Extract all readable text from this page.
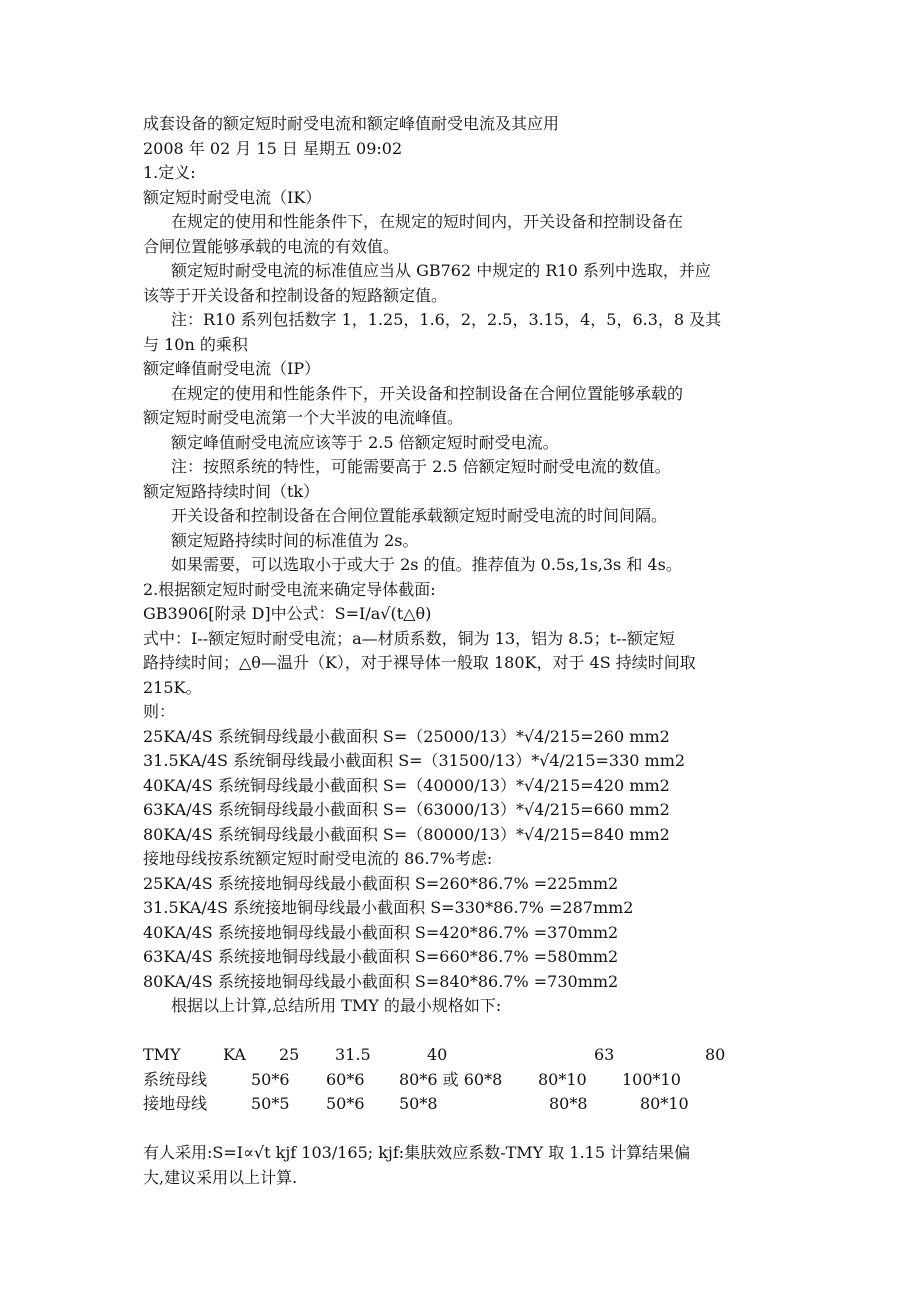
成套设备的额定短时耐受电流和额定峰值耐受电流及其应用
2008 年 02 月 15 日 星期五 09:02
1.定义:
额定短时耐受电流（IK）
在规定的使用和性能条件下，在规定的短时间内，开关设备和控制设备在
合闸位置能够承载的电流的有效值。
额定短时耐受电流的标准值应当从 GB762 中规定的 R10 系列中选取，并应
该等于开关设备和控制设备的短路额定值。
注：R10 系列包括数字 1，1.25，1.6，2，2.5，3.15，4，5，6.3，8 及其
与 10n 的乘积
额定峰值耐受电流（IP）
在规定的使用和性能条件下，开关设备和控制设备在合闸位置能够承载的
额定短时耐受电流第一个大半波的电流峰值。
额定峰值耐受电流应该等于 2.5 倍额定短时耐受电流。
注：按照系统的特性，可能需要高于 2.5 倍额定短时耐受电流的数值。
额定短路持续时间（tk）
开关设备和控制设备在合闸位置能承载额定短时耐受电流的时间间隔。
额定短路持续时间的标准值为 2s。
如果需要，可以选取小于或大于 2s 的值。推荐值为 0.5s,1s,3s 和 4s。
2.根据额定短时耐受电流来确定导体截面:
GB3906[附录 D]中公式：S=I/a√(t△θ)
式中：I--额定短时耐受电流；a—材质系数，铜为 13，铝为 8.5；t--额定短
路持续时间；△θ—温升（K），对于裸导体一般取 180K，对于 4S 持续时间取
215K。
则：
25KA/4S 系统铜母线最小截面积 S=（25000/13）*√4/215=260 mm2
31.5KA/4S 系统铜母线最小截面积 S=（31500/13）*√4/215=330 mm2
40KA/4S 系统铜母线最小截面积 S=（40000/13）*√4/215=420 mm2
63KA/4S 系统铜母线最小截面积 S=（63000/13）*√4/215=660 mm2
80KA/4S 系统铜母线最小截面积 S=（80000/13）*√4/215=840 mm2
接地母线按系统额定短时耐受电流的 86.7%考虑:
25KA/4S 系统接地铜母线最小截面积 S=260*86.7% =225mm2
31.5KA/4S 系统接地铜母线最小截面积 S=330*86.7% =287mm2
40KA/4S 系统接地铜母线最小截面积 S=420*86.7% =370mm2
63KA/4S 系统接地铜母线最小截面积 S=660*86.7% =580mm2
80KA/4S 系统接地铜母线最小截面积 S=840*86.7% =730mm2
根据以上计算,总结所用 TMY 的最小规格如下:
TMY	KA 25 31.5	40	63	80
系统母线	50*6 60*6 80*6 或 60*8 80*10 100*10
接地母线	50*5 50*6 50*8	80*8	80*10
有人采用:S=I∝√t kjf 103/165; kjf:集肤效应系数-TMY 取 1.15 计算结果偏
大,建议采用以上计算.
